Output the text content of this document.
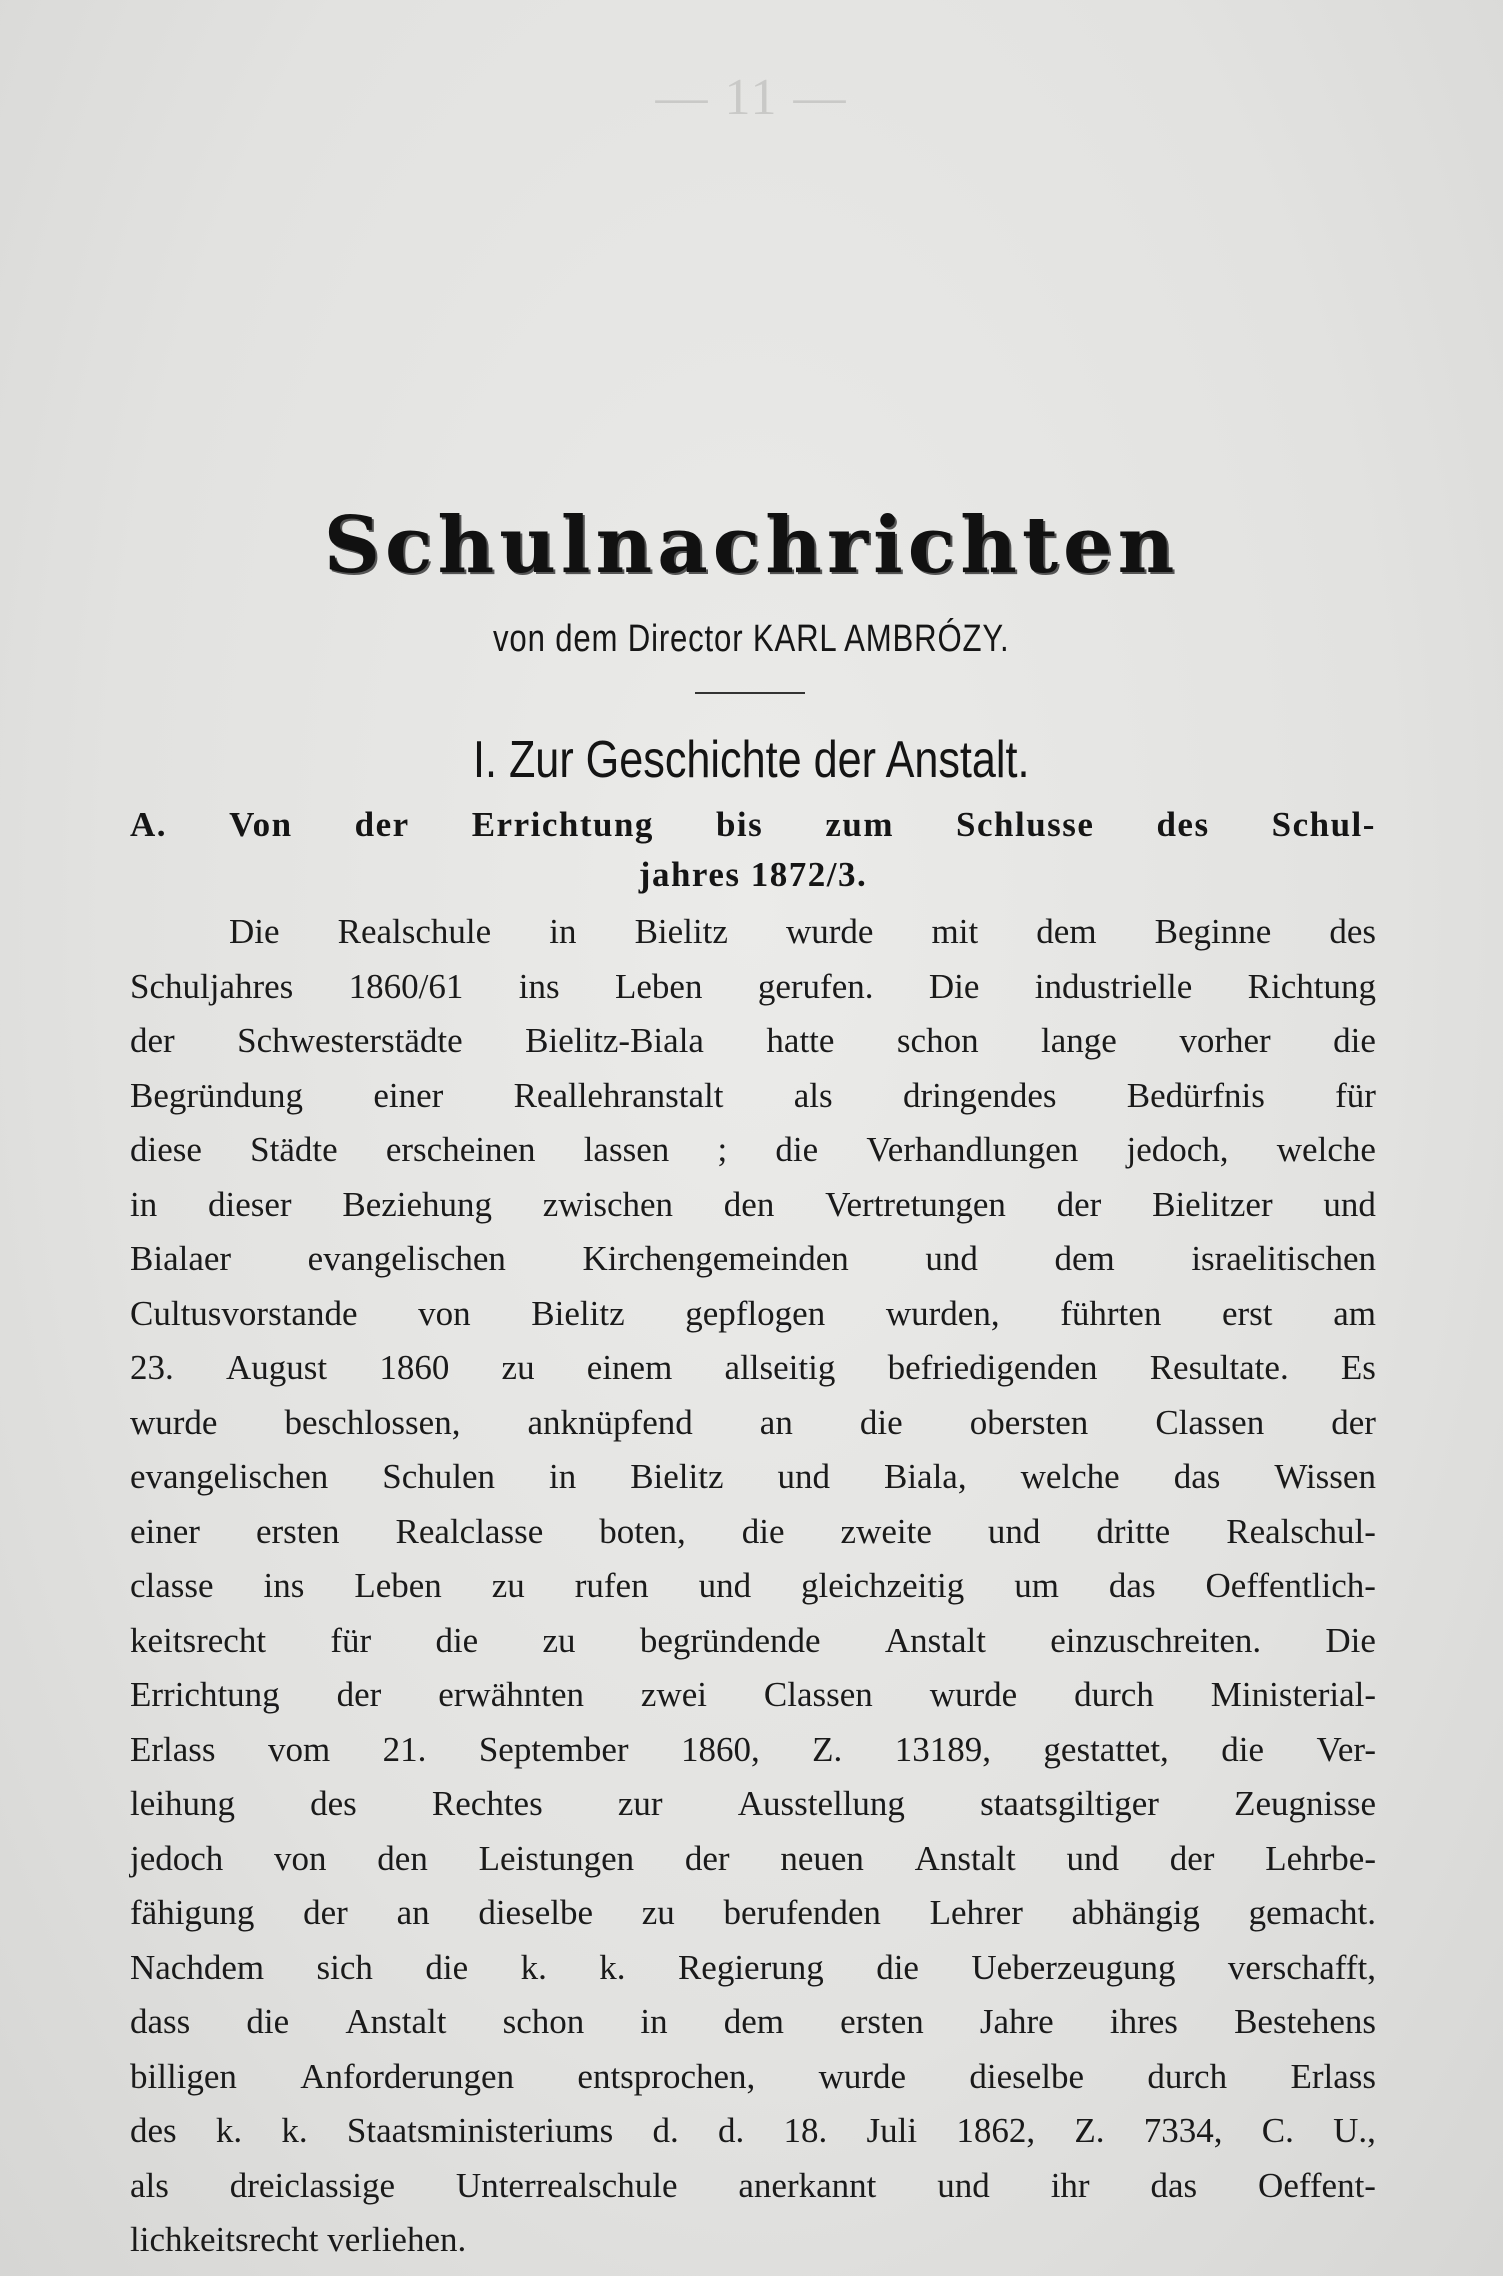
— 11 —
Schulnachrichten
von dem Director KARL AMBRÓZY.
I. Zur Geschichte der Anstalt.
A. Von der Errichtung bis zum Schlusse des Schul-
jahres 1872/3.
Die Realschule in Bielitz wurde mit dem Beginne des
Schuljahres 1860/61 ins Leben gerufen. Die industrielle Richtung
der Schwesterstädte Bielitz-Biala hatte schon lange vorher die
Begründung einer Reallehranstalt als dringendes Bedürfnis für
diese Städte erscheinen lassen ; die Verhandlungen jedoch, welche
in dieser Beziehung zwischen den Vertretungen der Bielitzer und
Bialaer evangelischen Kirchengemeinden und dem israelitischen
Cultusvorstande von Bielitz gepflogen wurden, führten erst am
23. August 1860 zu einem allseitig befriedigenden Resultate. Es
wurde beschlossen, anknüpfend an die obersten Classen der
evangelischen Schulen in Bielitz und Biala, welche das Wissen
einer ersten Realclasse boten, die zweite und dritte Realschul-
classe ins Leben zu rufen und gleichzeitig um das Oeffentlich-
keitsrecht für die zu begründende Anstalt einzuschreiten. Die
Errichtung der erwähnten zwei Classen wurde durch Ministerial-
Erlass vom 21. September 1860, Z. 13189, gestattet, die Ver-
leihung des Rechtes zur Ausstellung staatsgiltiger Zeugnisse
jedoch von den Leistungen der neuen Anstalt und der Lehrbe-
fähigung der an dieselbe zu berufenden Lehrer abhängig gemacht.
Nachdem sich die k. k. Regierung die Ueberzeugung verschafft,
dass die Anstalt schon in dem ersten Jahre ihres Bestehens
billigen Anforderungen entsprochen, wurde dieselbe durch Erlass
des k. k. Staatsministeriums d. d. 18. Juli 1862, Z. 7334, C. U.,
als dreiclassige Unterrealschule anerkannt und ihr das Oeffent-
lichkeitsrecht verliehen.
